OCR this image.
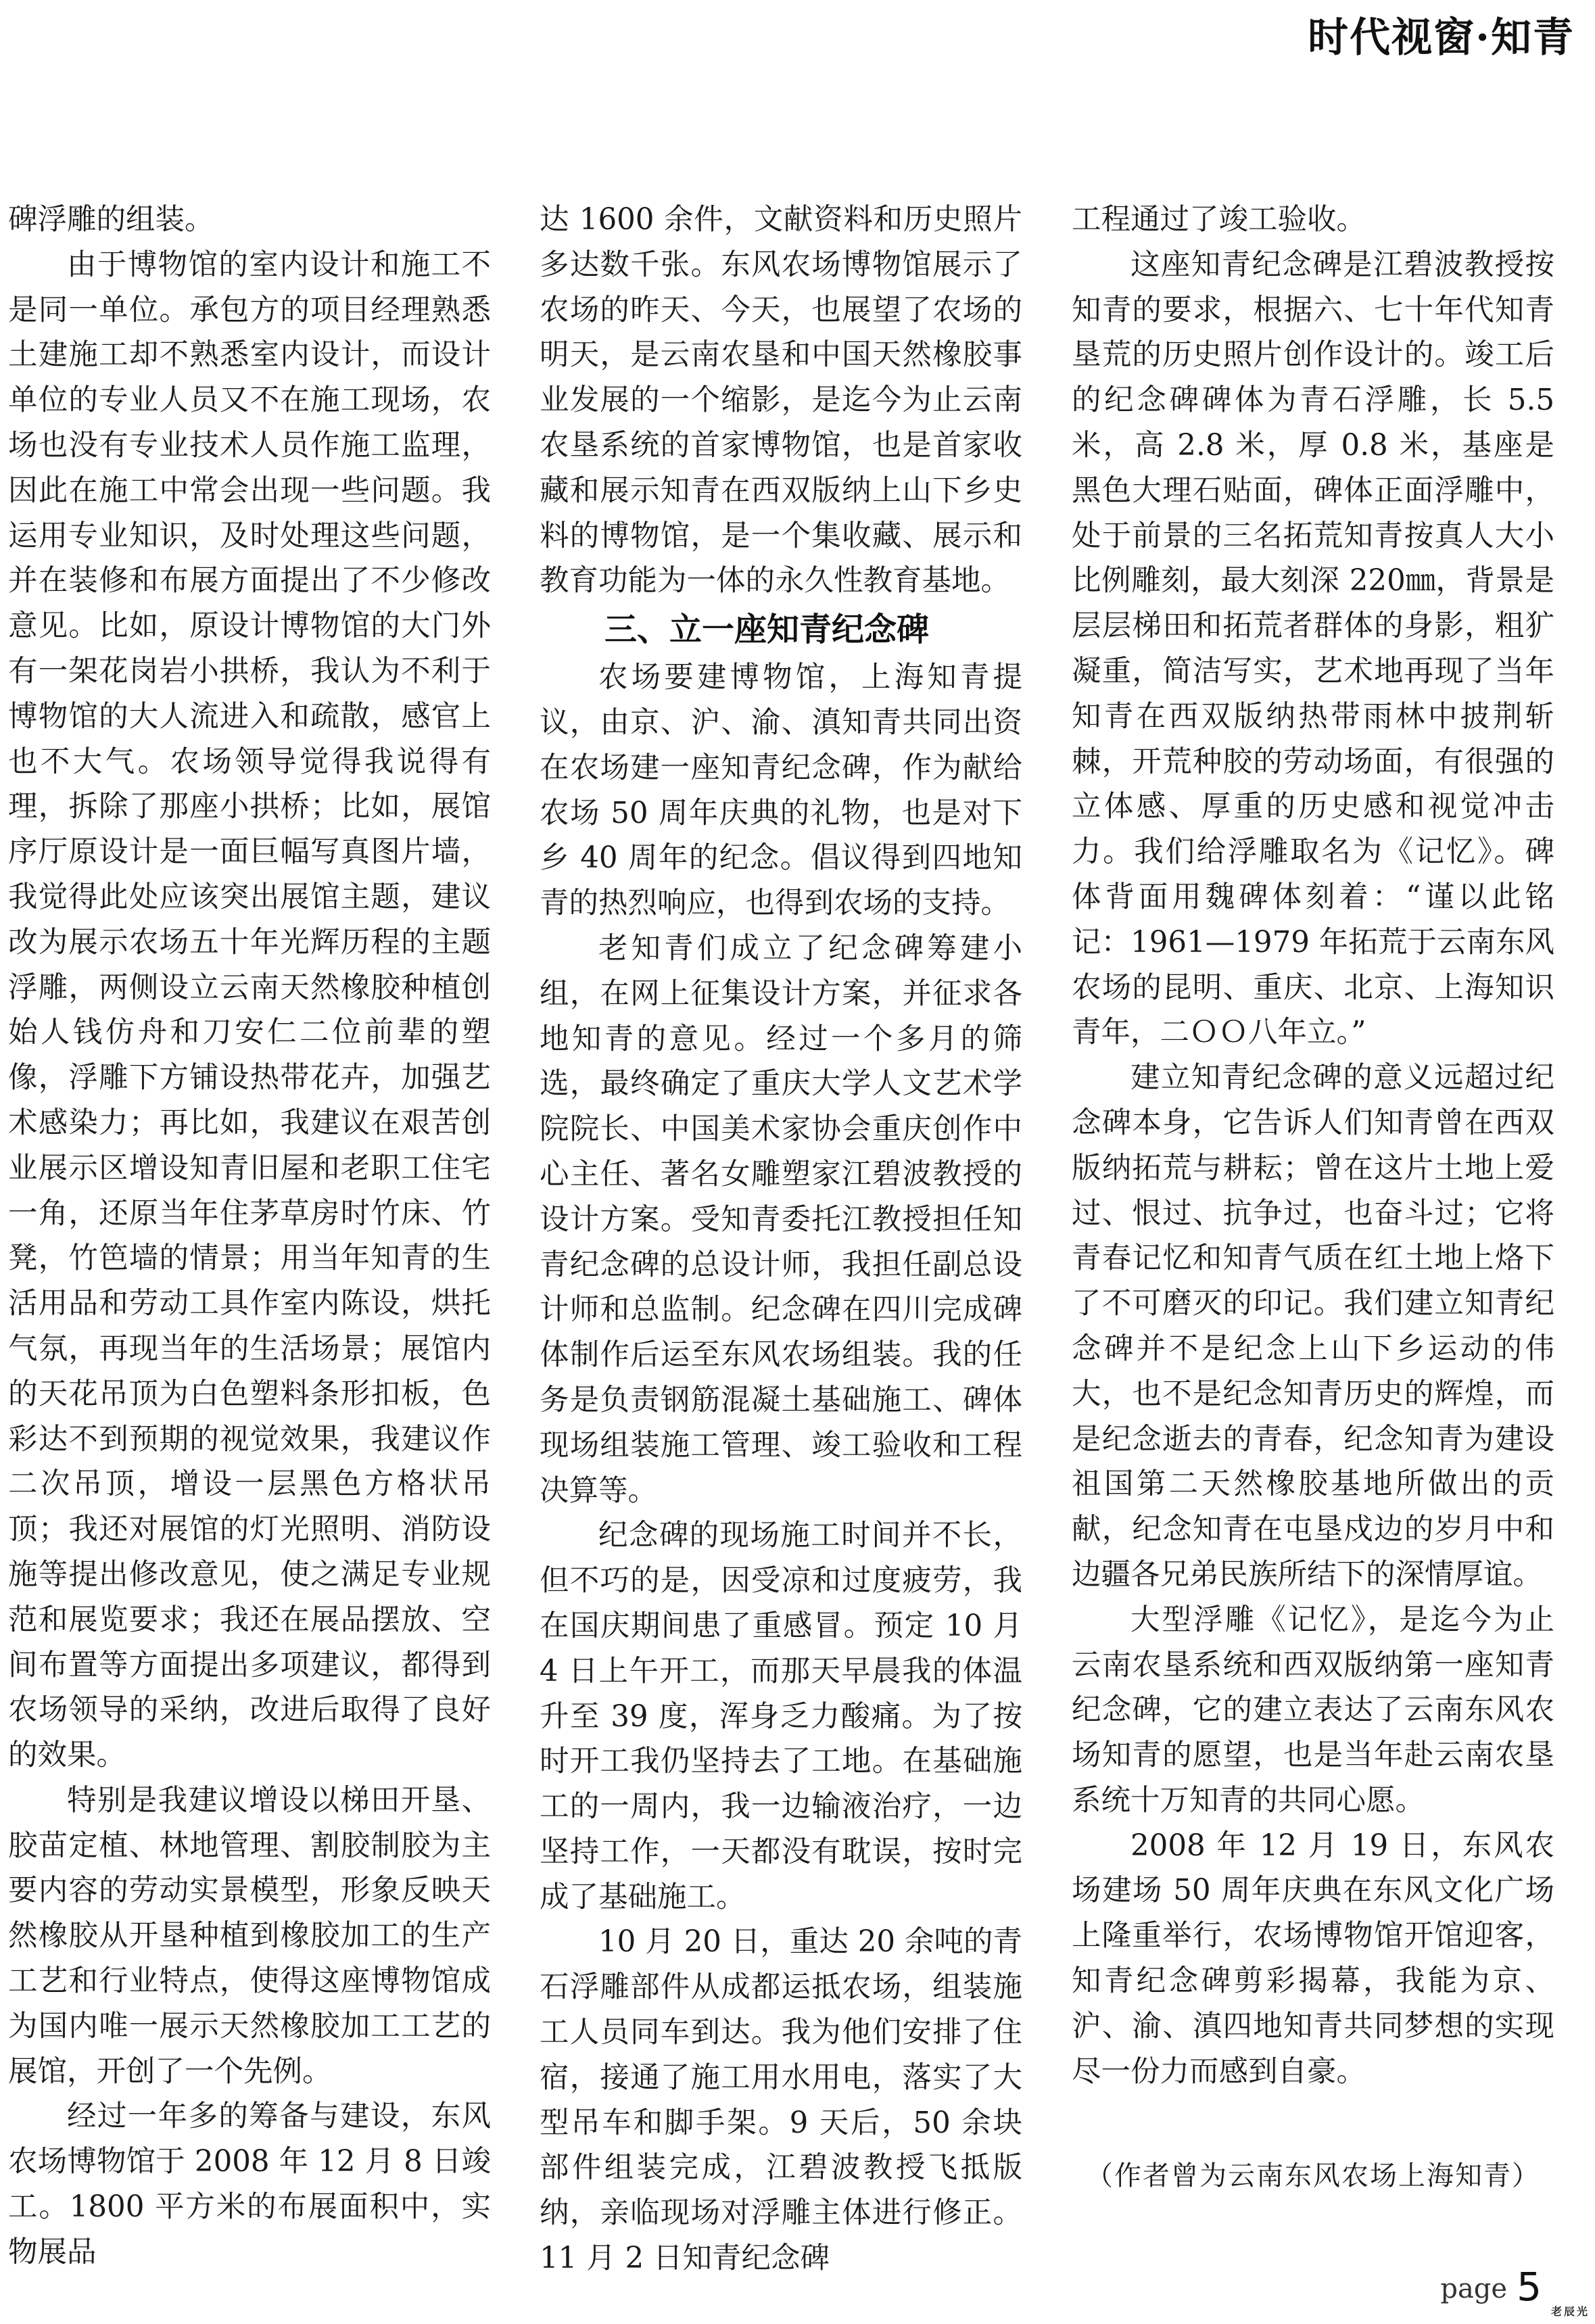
时代视窗·知青

碑浮雕的组装。

由于博物馆的室内设计和施工不是同一单位。承包方的项目经理熟悉土建施工却不熟悉室内设计，而设计单位的专业人员又不在施工现场，农场也没有专业技术人员作施工监理，因此在施工中常会出现一些问题。我运用专业知识，及时处理这些问题，并在装修和布展方面提出了不少修改意见。比如，原设计博物馆的大门外有一架花岗岩小拱桥，我认为不利于博物馆的大人流进入和疏散，感官上也不大气。农场领导觉得我说得有理，拆除了那座小拱桥；比如，展馆序厅原设计是一面巨幅写真图片墙，我觉得此处应该突出展馆主题，建议改为展示农场五十年光辉历程的主题浮雕，两侧设立云南天然橡胶种植创始人钱仿舟和刀安仁二位前辈的塑像，浮雕下方铺设热带花卉，加强艺术感染力；再比如，我建议在艰苦创业展示区增设知青旧屋和老职工住宅一角，还原当年住茅草房时竹床、竹凳，竹笆墙的情景；用当年知青的生活用品和劳动工具作室内陈设，烘托气氛，再现当年的生活场景；展馆内的天花吊顶为白色塑料条形扣板，色彩达不到预期的视觉效果，我建议作二次吊顶，增设一层黑色方格状吊顶；我还对展馆的灯光照明、消防设施等提出修改意见，使之满足专业规范和展览要求；我还在展品摆放、空间布置等方面提出多项建议，都得到农场领导的采纳，改进后取得了良好的效果。

特别是我建议增设以梯田开垦、胶苗定植、林地管理、割胶制胶为主要内容的劳动实景模型，形象反映天然橡胶从开垦种植到橡胶加工的生产工艺和行业特点，使得这座博物馆成为国内唯一展示天然橡胶加工工艺的展馆，开创了一个先例。

经过一年多的筹备与建设，东风农场博物馆于 2008 年 12 月 8 日竣工。1800 平方米的布展面积中，实物展品

达 1600 余件，文献资料和历史照片多达数千张。东风农场博物馆展示了农场的昨天、今天，也展望了农场的明天，是云南农垦和中国天然橡胶事业发展的一个缩影，是迄今为止云南农垦系统的首家博物馆，也是首家收藏和展示知青在西双版纳上山下乡史料的博物馆，是一个集收藏、展示和教育功能为一体的永久性教育基地。

三、立一座知青纪念碑

农场要建博物馆，上海知青提议，由京、沪、渝、滇知青共同出资在农场建一座知青纪念碑，作为献给农场 50 周年庆典的礼物，也是对下乡 40 周年的纪念。倡议得到四地知青的热烈响应，也得到农场的支持。

老知青们成立了纪念碑筹建小组，在网上征集设计方案，并征求各地知青的意见。经过一个多月的筛选，最终确定了重庆大学人文艺术学院院长、中国美术家协会重庆创作中心主任、著名女雕塑家江碧波教授的设计方案。受知青委托江教授担任知青纪念碑的总设计师，我担任副总设计师和总监制。纪念碑在四川完成碑体制作后运至东风农场组装。我的任务是负责钢筋混凝土基础施工、碑体现场组装施工管理、竣工验收和工程决算等。

纪念碑的现场施工时间并不长，但不巧的是，因受凉和过度疲劳，我在国庆期间患了重感冒。预定 10 月 4 日上午开工，而那天早晨我的体温升至 39 度，浑身乏力酸痛。为了按时开工我仍坚持去了工地。在基础施工的一周内，我一边输液治疗，一边坚持工作，一天都没有耽误，按时完成了基础施工。

10 月 20 日，重达 20 余吨的青石浮雕部件从成都运抵农场，组装施工人员同车到达。我为他们安排了住宿，接通了施工用水用电，落实了大型吊车和脚手架。9 天后，50 余块部件组装完成，江碧波教授飞抵版纳，亲临现场对浮雕主体进行修正。11 月 2 日知青纪念碑

工程通过了竣工验收。

这座知青纪念碑是江碧波教授按知青的要求，根据六、七十年代知青垦荒的历史照片创作设计的。竣工后的纪念碑碑体为青石浮雕，长 5.5 米，高 2.8 米，厚 0.8 米，基座是黑色大理石贴面，碑体正面浮雕中，处于前景的三名拓荒知青按真人大小比例雕刻，最大刻深 220㎜，背景是层层梯田和拓荒者群体的身影，粗犷凝重，简洁写实，艺术地再现了当年知青在西双版纳热带雨林中披荆斩棘，开荒种胶的劳动场面，有很强的立体感、厚重的历史感和视觉冲击力。我们给浮雕取名为《记忆》。碑体背面用魏碑体刻着：“谨以此铭记：1961—1979 年拓荒于云南东风农场的昆明、重庆、北京、上海知识青年，二ＯＯ八年立。”

建立知青纪念碑的意义远超过纪念碑本身，它告诉人们知青曾在西双版纳拓荒与耕耘；曾在这片土地上爱过、恨过、抗争过，也奋斗过；它将青春记忆和知青气质在红土地上烙下了不可磨灭的印记。我们建立知青纪念碑并不是纪念上山下乡运动的伟大，也不是纪念知青历史的辉煌，而是纪念逝去的青春，纪念知青为建设祖国第二天然橡胶基地所做出的贡献，纪念知青在屯垦戍边的岁月中和边疆各兄弟民族所结下的深情厚谊。

大型浮雕《记忆》，是迄今为止云南农垦系统和西双版纳第一座知青纪念碑，它的建立表达了云南东风农场知青的愿望，也是当年赴云南农垦系统十万知青的共同心愿。

2008 年 12 月 19 日，东风农场建场 50 周年庆典在东风文化广场上隆重举行，农场博物馆开馆迎客，知青纪念碑剪彩揭幕，我能为京、沪、渝、滇四地知青共同梦想的实现尽一份力而感到自豪。

（作者曾为云南东风农场上海知青）
page 5
老辰光
